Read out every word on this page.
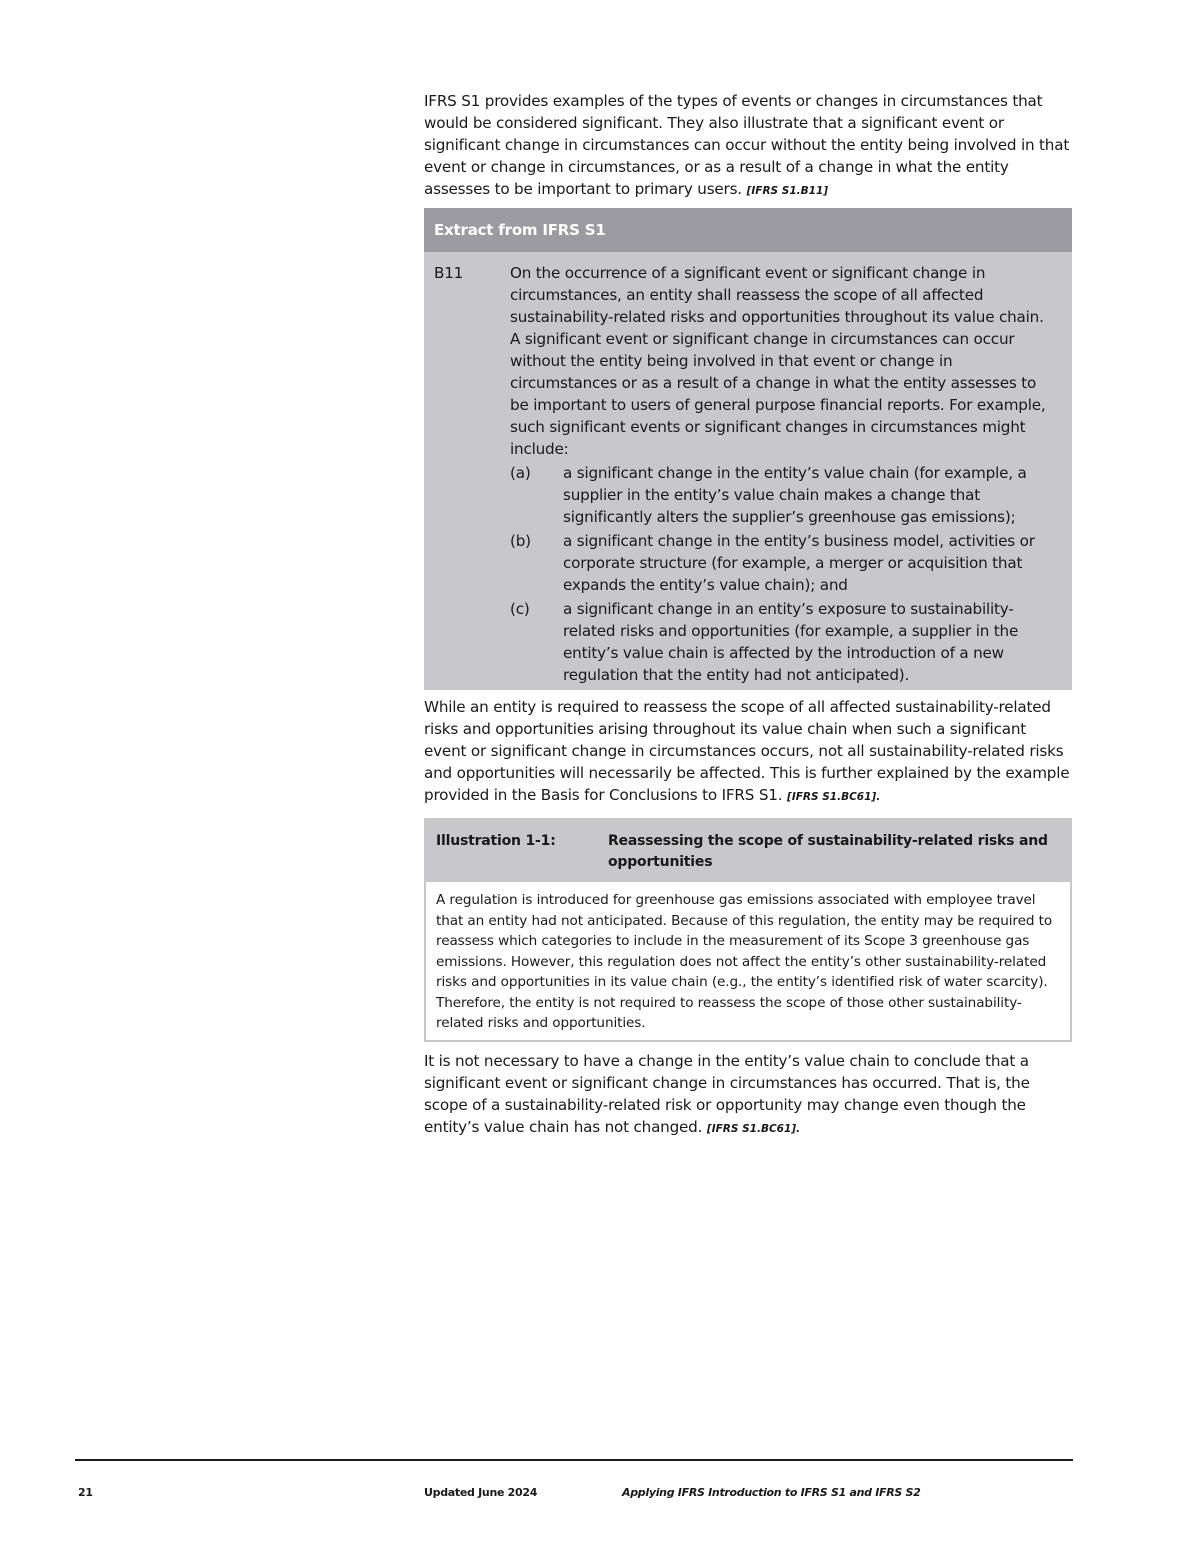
IFRS S1 provides examples of the types of events or changes in circumstances that would be considered significant. They also illustrate that a significant event or significant change in circumstances can occur without the entity being involved in that event or change in circumstances, or as a result of a change in what the entity assesses to be important to primary users. [IFRS S1.B11]

Extract from IFRS S1
B11	On the occurrence of a significant event or significant change in circumstances, an entity shall reassess the scope of all affected sustainability-related risks and opportunities throughout its value chain. A significant event or significant change in circumstances can occur without the entity being involved in that event or change in circumstances or as a result of a change in what the entity assesses to be important to users of general purpose financial reports. For example, such significant events or significant changes in circumstances might include:

(a)	a significant change in the entity’s value chain (for example, a supplier in the entity’s value chain makes a change that significantly alters the supplier’s greenhouse gas emissions);
(b)	a significant change in the entity’s business model, activities or corporate structure (for example, a merger or acquisition that expands the entity’s value chain); and
(c)	a significant change in an entity’s exposure to sustainability-related risks and opportunities (for example, a supplier in the entity’s value chain is affected by the introduction of a new regulation that the entity had not anticipated).

While an entity is required to reassess the scope of all affected sustainability-related risks and opportunities arising throughout its value chain when such a significant event or significant change in circumstances occurs, not all sustainability-related risks and opportunities will necessarily be affected. This is further explained by the example provided in the Basis for Conclusions to IFRS S1. [IFRS S1.BC61].

Illustration 1-1:	Reassessing the scope of sustainability-related risks and opportunities
A regulation is introduced for greenhouse gas emissions associated with employee travel that an entity had not anticipated. Because of this regulation, the entity may be required to reassess which categories to include in the measurement of its Scope 3 greenhouse gas emissions. However, this regulation does not affect the entity’s other sustainability-related risks and opportunities in its value chain (e.g., the entity’s identified risk of water scarcity). Therefore, the entity is not required to reassess the scope of those other sustainability-related risks and opportunities.

It is not necessary to have a change in the entity’s value chain to conclude that a significant event or significant change in circumstances has occurred. That is, the scope of a sustainability-related risk or opportunity may change even though the entity’s value chain has not changed. [IFRS S1.BC61].

21	Updated June 2024	Applying IFRS Introduction to IFRS S1 and IFRS S2
